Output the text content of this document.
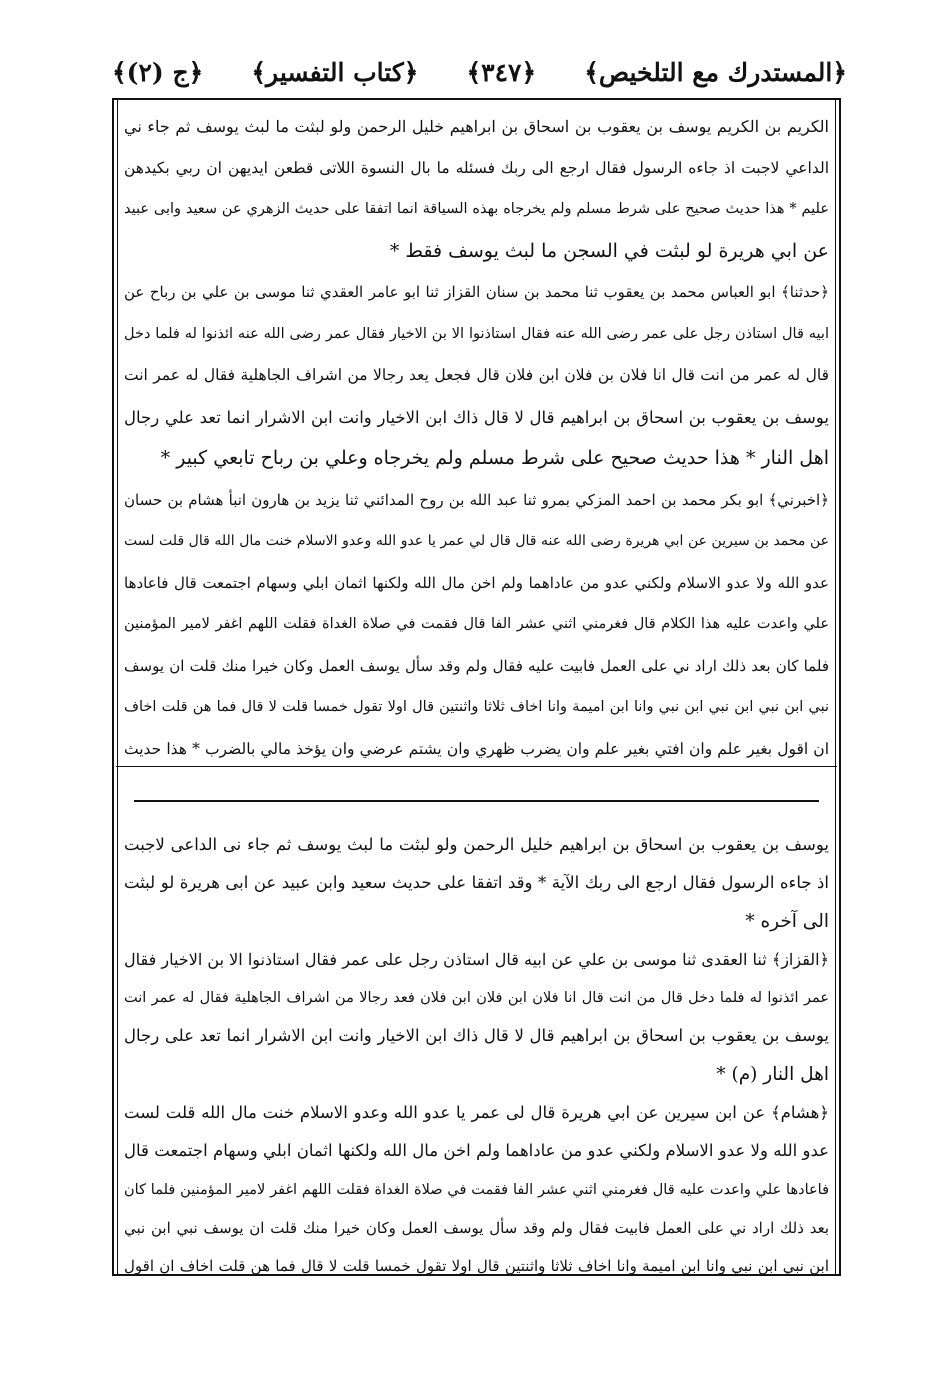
﴿المستدرك مع التلخيص﴾
﴿٣٤٧﴾
﴿كتاب التفسير﴾
﴿ج (٢)﴾
الكريم بن الكريم يوسف بن يعقوب بن اسحاق بن ابراهيم خليل الرحمن ولو لبثت ما لبث يوسف ثم جاء ني
الداعي لاجبت اذ جاءه الرسول فقال ارجع الى ربك فسئله ما بال النسوة اللاتى قطعن ايديهن ان ربي بكيدهن
عليم * هذا حديث صحيح على شرط مسلم ولم يخرجاه بهذه السياقة انما اتفقا على حديث الزهري عن سعيد وابى عبيد
عن ابي هريرة لو لبثت في السجن ما لبث يوسف فقط *
﴿حدثنا﴾ ابو العباس محمد بن يعقوب ثنا محمد بن سنان القزاز ثنا ابو عامر العقدي ثنا موسى بن علي بن رباح عن
ابيه قال استاذن رجل على عمر رضى الله عنه فقال استاذنوا الا بن الاخيار فقال عمر رضى الله عنه ائذنوا له فلما دخل
قال له عمر من انت قال انا فلان بن فلان ابن فلان قال فجعل يعد رجالا من اشراف الجاهلية فقال له عمر انت
يوسف بن يعقوب بن اسحاق بن ابراهيم قال لا قال ذاك ابن الاخيار وانت ابن الاشرار انما تعد علي رجال
اهل النار * هذا حديث صحيح على شرط مسلم ولم يخرجاه وعلي بن رباح تابعي كبير *
﴿اخبرني﴾ ابو بكر محمد بن احمد المزكي بمرو ثنا عبد الله بن روح المدائني ثنا يزيد بن هارون انبأ هشام بن حسان
عن محمد بن سيرين عن ابي هريرة رضى الله عنه قال قال لي عمر يا عدو الله وعدو الاسلام خنت مال الله قال قلت لست
عدو الله ولا عدو الاسلام ولكني عدو من عاداهما ولم اخن مال الله ولكنها اثمان ابلي وسهام اجتمعت قال فاعادها
علي واعدت عليه هذا الكلام قال فغرمني اثني عشر الفا قال فقمت في صلاة الغداة فقلت اللهم اغفر لامير المؤمنين
فلما كان بعد ذلك اراد ني على العمل فابيت عليه فقال ولم وقد سأل يوسف العمل وكان خيرا منك قلت ان يوسف
نبي ابن نبي ابن نبي ابن نبي وانا ابن اميمة وانا اخاف ثلاثا واثنتين قال اولا تقول خمسا قلت لا قال فما هن قلت اخاف
ان اقول بغير علم وان افتي بغير علم وان يضرب ظهري وان يشتم عرضي وان يؤخذ مالي بالضرب * هذا حديث
يوسف بن يعقوب بن اسحاق بن ابراهيم خليل الرحمن ولو لبثت ما لبث يوسف ثم جاء نى الداعى لاجبت
اذ جاءه الرسول فقال ارجع الى ربك الآية * وقد اتفقا على حديث سعيد وابن عبيد عن ابى هريرة لو لبثت
الى آخره *
﴿القزاز﴾ ثنا العقدى ثنا موسى بن علي عن ابيه قال استاذن رجل على عمر فقال استاذنوا الا بن الاخيار فقال
عمر ائذنوا له فلما دخل قال من انت قال انا فلان ابن فلان ابن فلان فعد رجالا من اشراف الجاهلية فقال له عمر انت
يوسف بن يعقوب بن اسحاق بن ابراهيم قال لا قال ذاك ابن الاخيار وانت ابن الاشرار انما تعد على رجال
اهل النار (م) *
﴿هشام﴾ عن ابن سيرين عن ابي هريرة قال لى عمر يا عدو الله وعدو الاسلام خنت مال الله قلت لست
عدو الله ولا عدو الاسلام ولكني عدو من عاداهما ولم اخن مال الله ولكنها اثمان ابلي وسهام اجتمعت قال
فاعادها علي واعدت عليه قال فغرمني اثني عشر الفا فقمت في صلاة الغداة فقلت اللهم اغفر لامير المؤمنين فلما كان
بعد ذلك اراد ني على العمل فابيت فقال ولم وقد سأل يوسف العمل وكان خيرا منك قلت ان يوسف نبي ابن نبي
ابن نبي ابن نبي وانا ابن اميمة وانا اخاف ثلاثا واثنتين قال اولا تقول خمسا قلت لا قال فما هن قلت اخاف ان اقول
